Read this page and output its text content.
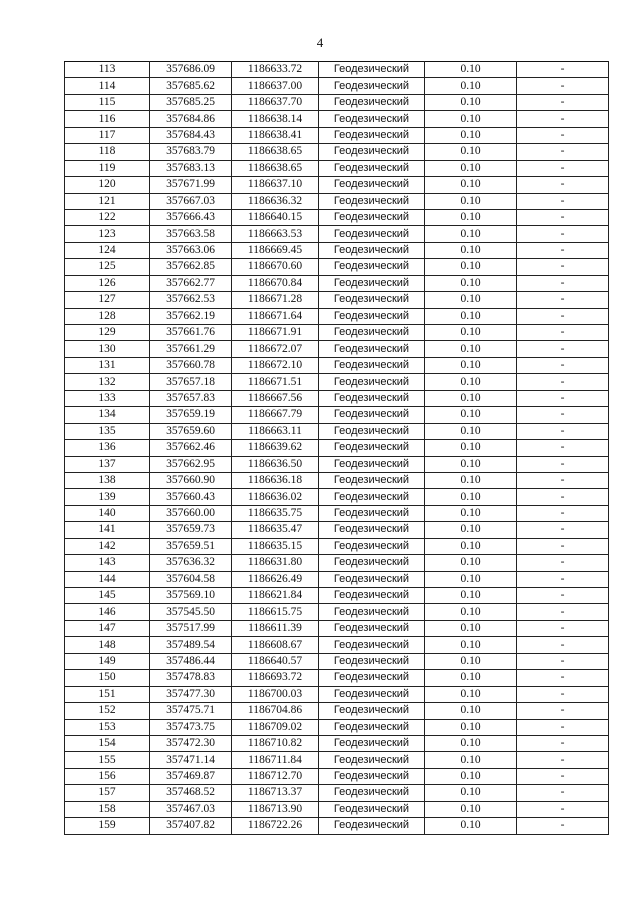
4
113	357686.09	1186633.72	Геодезический	0.10	-
114	357685.62	1186637.00	Геодезический	0.10	-
115	357685.25	1186637.70	Геодезический	0.10	-
116	357684.86	1186638.14	Геодезический	0.10	-
117	357684.43	1186638.41	Геодезический	0.10	-
118	357683.79	1186638.65	Геодезический	0.10	-
119	357683.13	1186638.65	Геодезический	0.10	-
120	357671.99	1186637.10	Геодезический	0.10	-
121	357667.03	1186636.32	Геодезический	0.10	-
122	357666.43	1186640.15	Геодезический	0.10	-
123	357663.58	1186663.53	Геодезический	0.10	-
124	357663.06	1186669.45	Геодезический	0.10	-
125	357662.85	1186670.60	Геодезический	0.10	-
126	357662.77	1186670.84	Геодезический	0.10	-
127	357662.53	1186671.28	Геодезический	0.10	-
128	357662.19	1186671.64	Геодезический	0.10	-
129	357661.76	1186671.91	Геодезический	0.10	-
130	357661.29	1186672.07	Геодезический	0.10	-
131	357660.78	1186672.10	Геодезический	0.10	-
132	357657.18	1186671.51	Геодезический	0.10	-
133	357657.83	1186667.56	Геодезический	0.10	-
134	357659.19	1186667.79	Геодезический	0.10	-
135	357659.60	1186663.11	Геодезический	0.10	-
136	357662.46	1186639.62	Геодезический	0.10	-
137	357662.95	1186636.50	Геодезический	0.10	-
138	357660.90	1186636.18	Геодезический	0.10	-
139	357660.43	1186636.02	Геодезический	0.10	-
140	357660.00	1186635.75	Геодезический	0.10	-
141	357659.73	1186635.47	Геодезический	0.10	-
142	357659.51	1186635.15	Геодезический	0.10	-
143	357636.32	1186631.80	Геодезический	0.10	-
144	357604.58	1186626.49	Геодезический	0.10	-
145	357569.10	1186621.84	Геодезический	0.10	-
146	357545.50	1186615.75	Геодезический	0.10	-
147	357517.99	1186611.39	Геодезический	0.10	-
148	357489.54	1186608.67	Геодезический	0.10	-
149	357486.44	1186640.57	Геодезический	0.10	-
150	357478.83	1186693.72	Геодезический	0.10	-
151	357477.30	1186700.03	Геодезический	0.10	-
152	357475.71	1186704.86	Геодезический	0.10	-
153	357473.75	1186709.02	Геодезический	0.10	-
154	357472.30	1186710.82	Геодезический	0.10	-
155	357471.14	1186711.84	Геодезический	0.10	-
156	357469.87	1186712.70	Геодезический	0.10	-
157	357468.52	1186713.37	Геодезический	0.10	-
158	357467.03	1186713.90	Геодезический	0.10	-
159	357407.82	1186722.26	Геодезический	0.10	-
